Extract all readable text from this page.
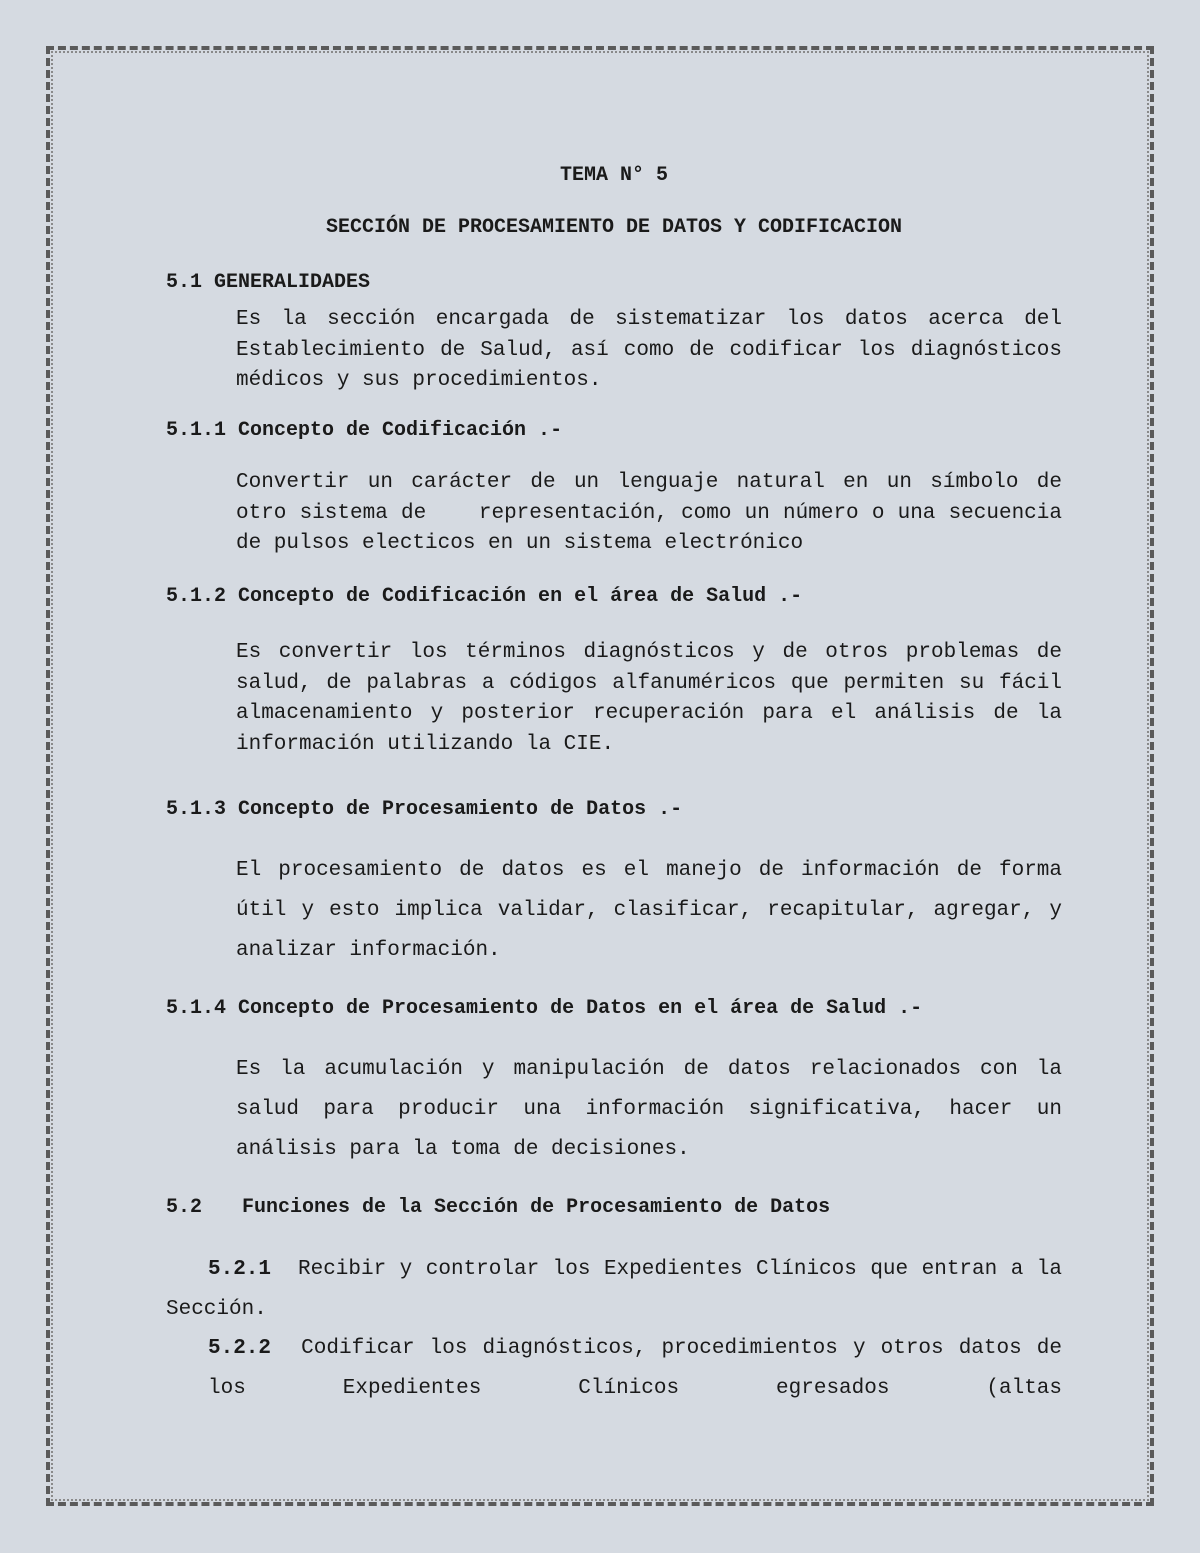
TEMA N° 5
SECCIÓN DE PROCESAMIENTO DE DATOS Y CODIFICACION
5.1 GENERALIDADES
Es la sección encargada de sistematizar los datos acerca del Establecimiento de Salud, así como de codificar los diagnósticos médicos y sus procedimientos.
5.1.1 Concepto de Codificación .-
Convertir un carácter de un lenguaje natural en un símbolo de otro sistema de    representación, como un número o una secuencia de pulsos electicos en un sistema electrónico
5.1.2 Concepto de Codificación en el área de Salud .-
Es convertir los términos diagnósticos y de otros problemas de salud, de palabras a códigos alfanuméricos que permiten su fácil almacenamiento y posterior recuperación para el análisis de la información utilizando la CIE.
5.1.3 Concepto de Procesamiento de Datos .-
El procesamiento de datos es el manejo de información de forma útil y esto implica validar, clasificar, recapitular, agregar, y analizar información.
5.1.4 Concepto de Procesamiento de Datos en el área de Salud .-
Es la acumulación y manipulación de datos relacionados con la salud para producir una información significativa, hacer un análisis para la toma de decisiones.
5.2 Funciones de la Sección de Procesamiento de Datos
5.2.1 Recibir y controlar los Expedientes Clínicos que entran a la Sección.
5.2.2 Codificar los diagnósticos, procedimientos y otros datos de los Expedientes Clínicos egresados (altas
